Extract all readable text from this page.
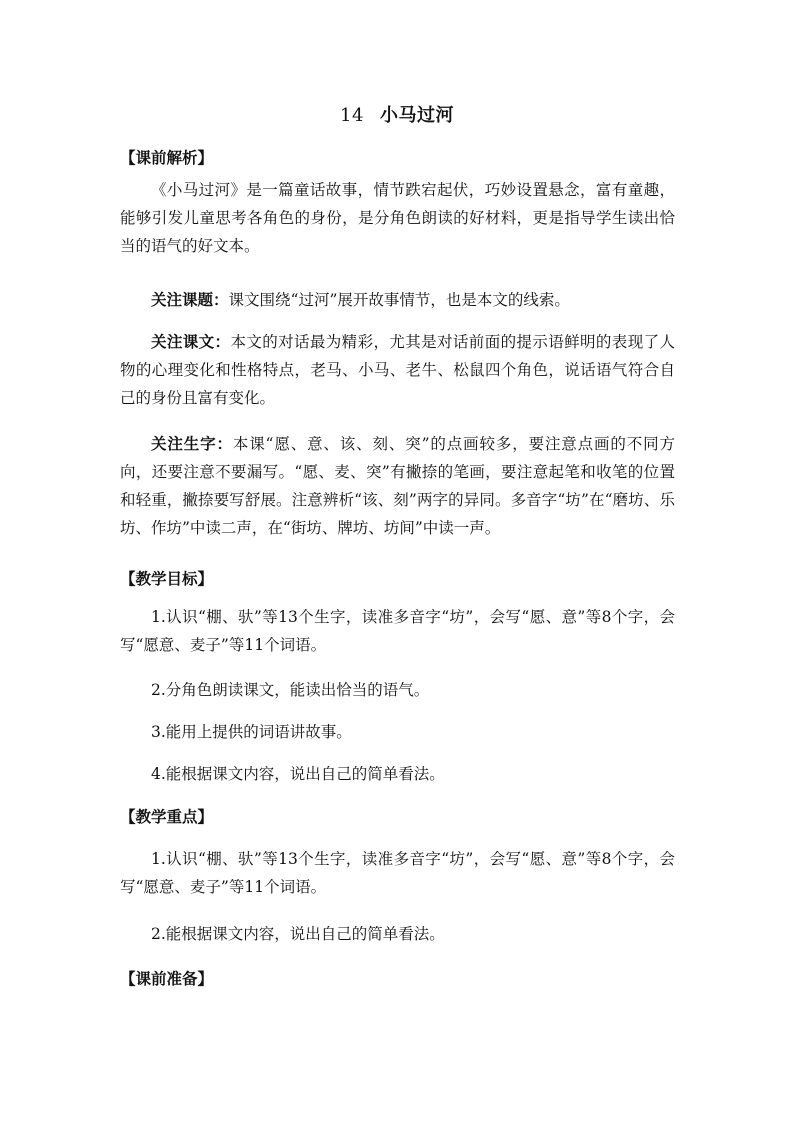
14 小马过河
【课前解析】
《小马过河》是一篇童话故事，情节跌宕起伏，巧妙设置悬念，富有童趣，能够引发儿童思考各角色的身份，是分角色朗读的好材料，更是指导学生读出恰当的语气的好文本。
关注课题：课文围绕“过河”展开故事情节，也是本文的线索。
关注课文：本文的对话最为精彩，尤其是对话前面的提示语鲜明的表现了人物的心理变化和性格特点，老马、小马、老牛、松鼠四个角色，说话语气符合自己的身份且富有变化。
关注生字：本课“愿、意、该、刻、突”的点画较多，要注意点画的不同方向，还要注意不要漏写。“愿、麦、突”有撇捺的笔画，要注意起笔和收笔的位置和轻重，撇捺要写舒展。注意辨析“该、刻”两字的异同。多音字“坊”在“磨坊、乐坊、作坊”中读二声，在“街坊、牌坊、坊间”中读一声。
【教学目标】
1.认识“棚、驮”等13个生字，读准多音字“坊”，会写“愿、意”等8个字，会写“愿意、麦子”等11个词语。
2.分角色朗读课文，能读出恰当的语气。
3.能用上提供的词语讲故事。
4.能根据课文内容，说出自己的简单看法。
【教学重点】
1.认识“棚、驮”等13个生字，读准多音字“坊”，会写“愿、意”等8个字，会写“愿意、麦子”等11个词语。
2.能根据课文内容，说出自己的简单看法。
【课前准备】
